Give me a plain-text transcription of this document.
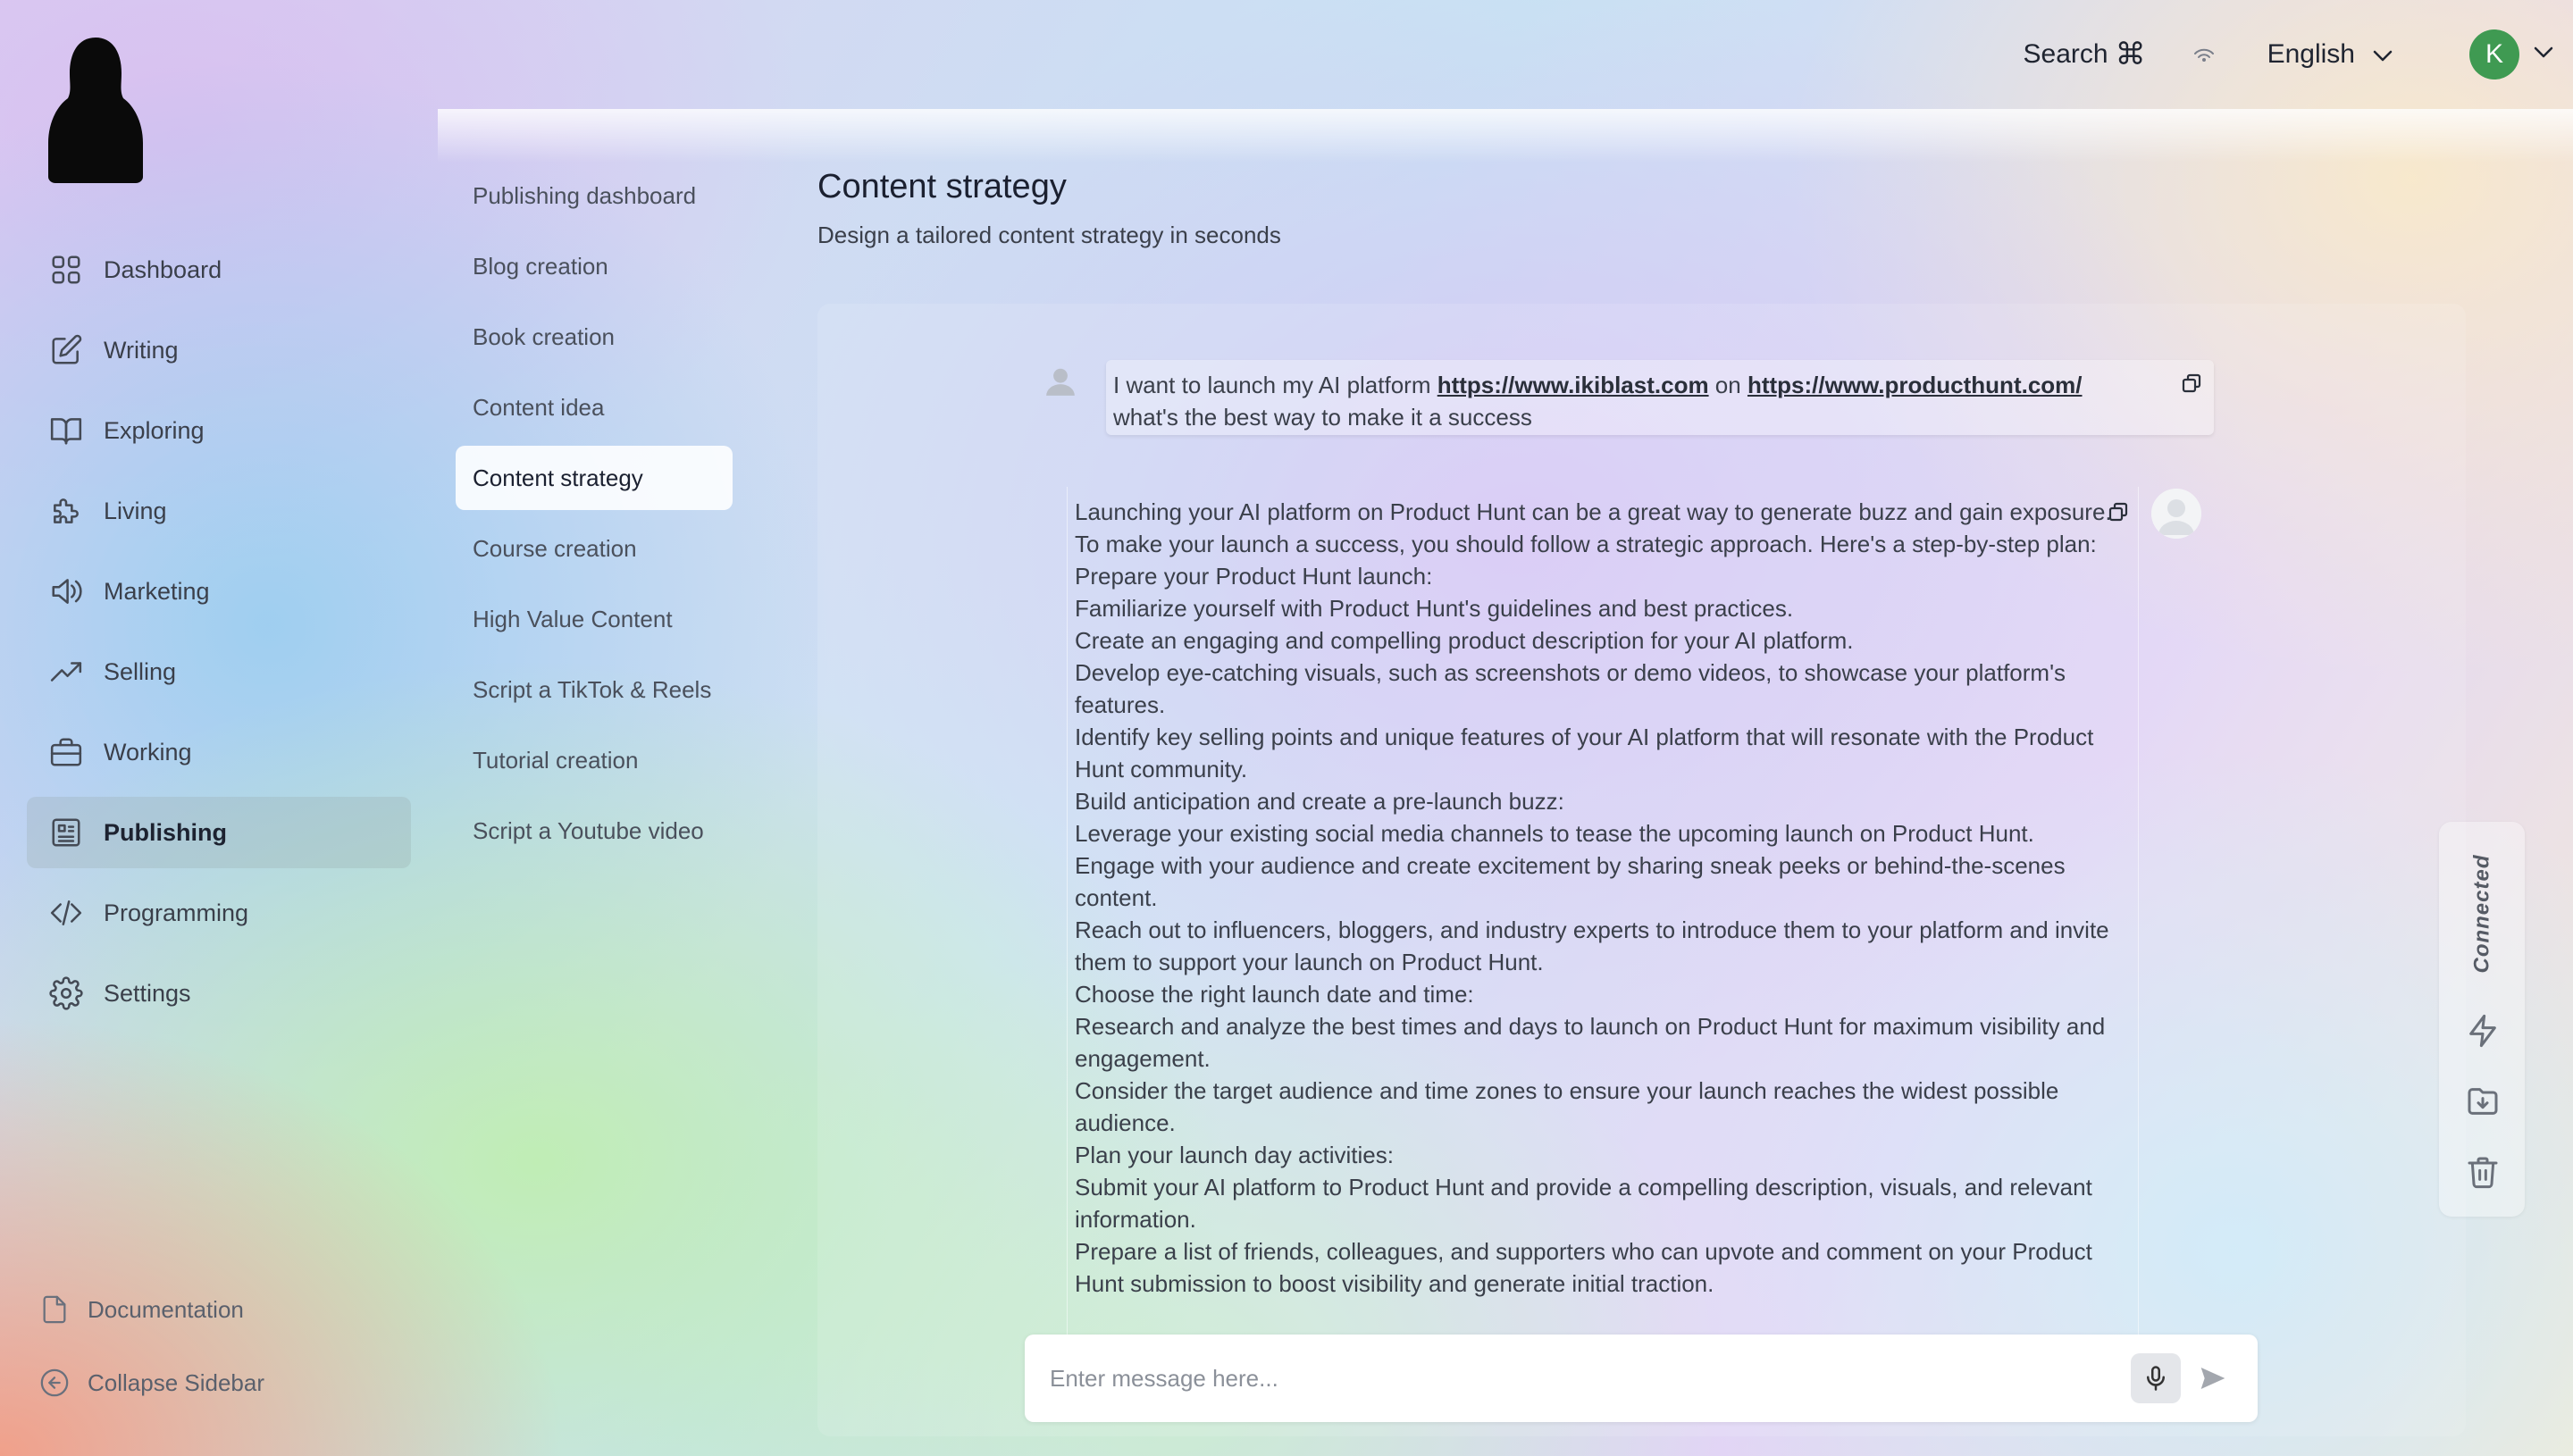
Dashboard
Writing
Exploring
Living
Marketing
Selling
Working
Publishing
Programming
Settings
Documentation
Collapse Sidebar
Search ⌘	English	K
Publishing dashboard
Blog creation
Book creation
Content idea
Content strategy
Course creation
High Value Content
Script a TikTok & Reels
Tutorial creation
Script a Youtube video
Content strategy

Design a tailored content strategy in seconds

I want to launch my AI platform https://www.ikiblast.com on https://www.producthunt.com/
what's the best way to make it a success
Launching your AI platform on Product Hunt can be a great way to generate buzz and gain exposure. To make your launch a success, you should follow a strategic approach. Here's a step-by-step plan:
Prepare your Product Hunt launch:
Familiarize yourself with Product Hunt's guidelines and best practices.
Create an engaging and compelling product description for your AI platform.
Develop eye-catching visuals, such as screenshots or demo videos, to showcase your platform's features.
Identify key selling points and unique features of your AI platform that will resonate with the Product Hunt community.
Build anticipation and create a pre-launch buzz:
Leverage your existing social media channels to tease the upcoming launch on Product Hunt.
Engage with your audience and create excitement by sharing sneak peeks or behind-the-scenes content.
Reach out to influencers, bloggers, and industry experts to introduce them to your platform and invite them to support your launch on Product Hunt.
Choose the right launch date and time:
Research and analyze the best times and days to launch on Product Hunt for maximum visibility and engagement.
Consider the target audience and time zones to ensure your launch reaches the widest possible audience.
Plan your launch day activities:
Submit your AI platform to Product Hunt and provide a compelling description, visuals, and relevant information.
Prepare a list of friends, colleagues, and supporters who can upvote and comment on your Product Hunt submission to boost visibility and generate initial traction.
Enter message here...
Connected
